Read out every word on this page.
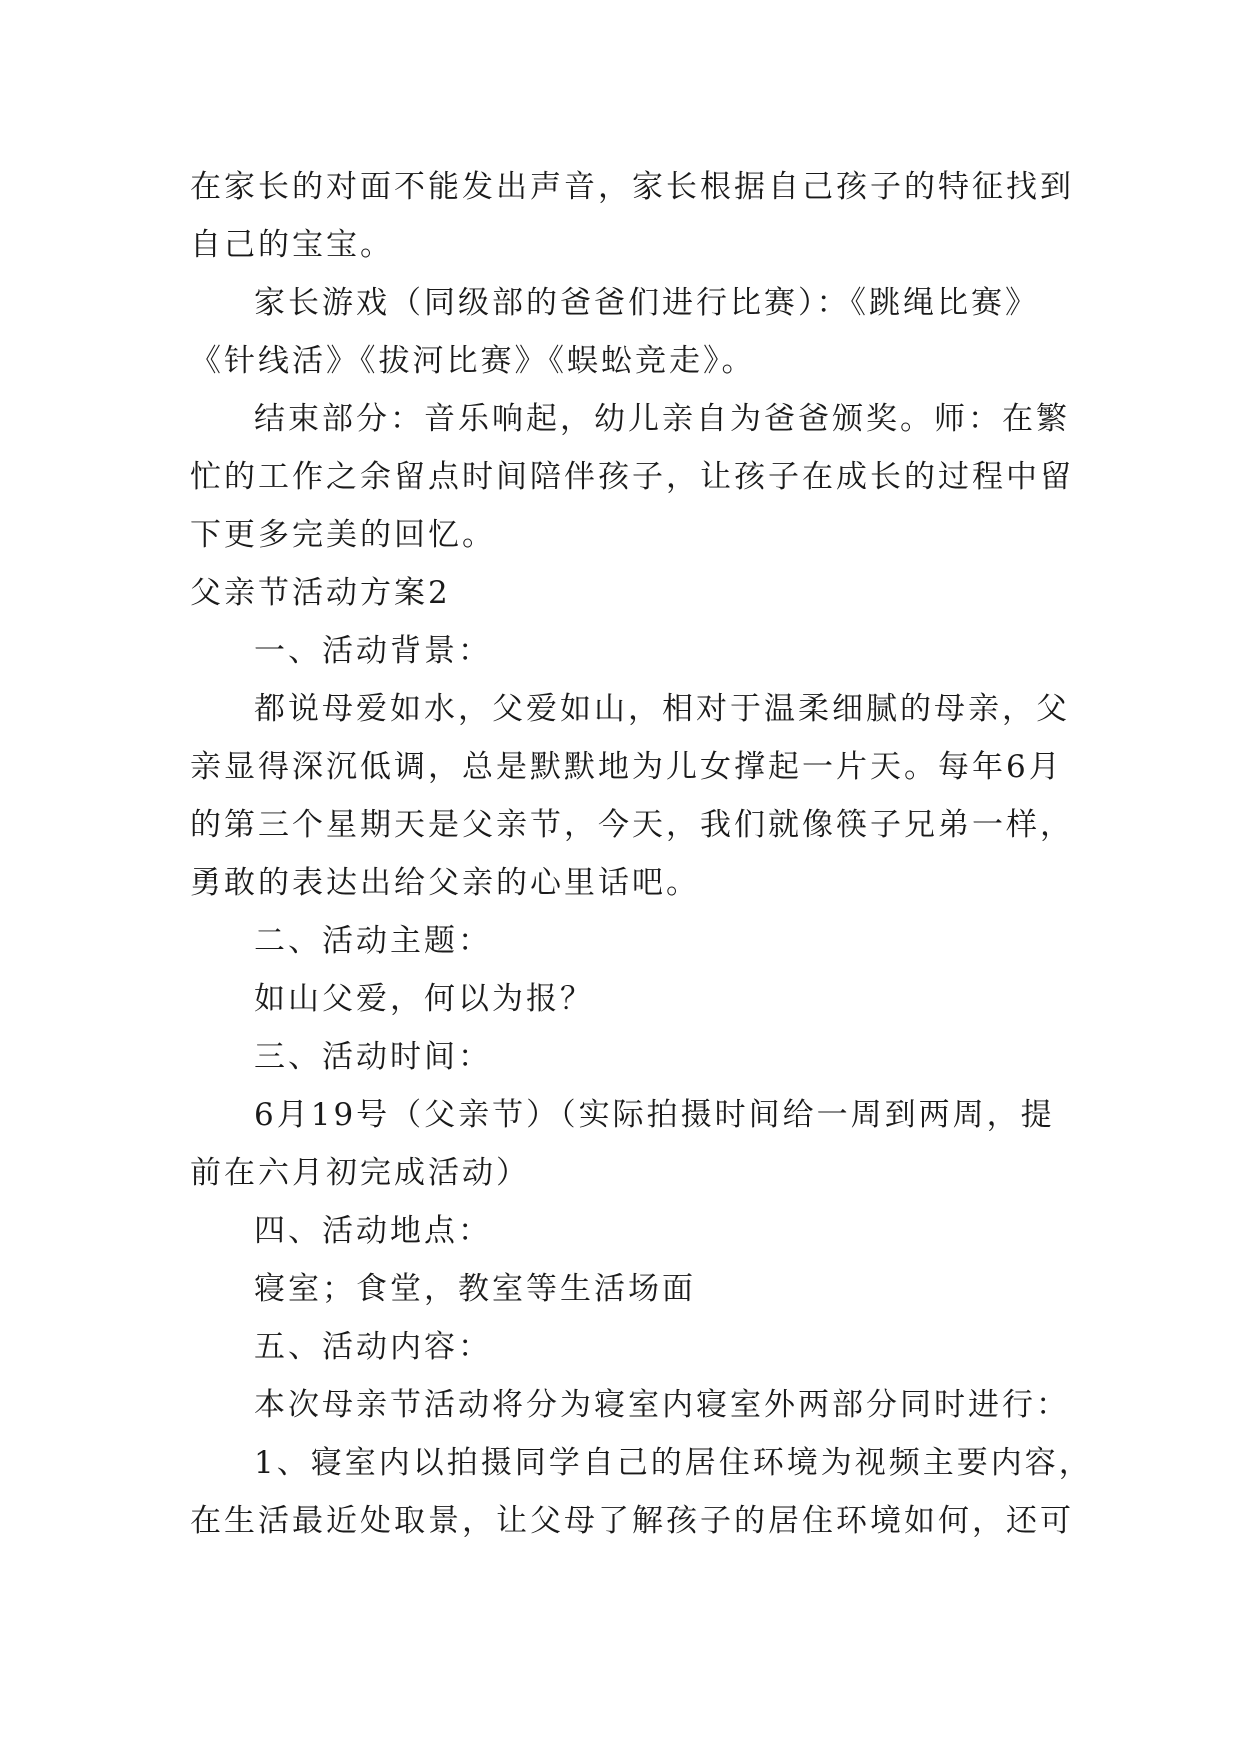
在家长的对面不能发出声音，家长根据自己孩子的特征找到
自己的宝宝。
家长游戏（同级部的爸爸们进行比赛）：《跳绳比赛》
《针线活》《拔河比赛》《蜈蚣竞走》。
结束部分：音乐响起，幼儿亲自为爸爸颁奖。师：在繁
忙的工作之余留点时间陪伴孩子，让孩子在成长的过程中留
下更多完美的回忆。
父亲节活动方案2
一、活动背景：
都说母爱如水，父爱如山，相对于温柔细腻的母亲，父
亲显得深沉低调，总是默默地为儿女撑起一片天。每年6月
的第三个星期天是父亲节，今天，我们就像筷子兄弟一样，
勇敢的表达出给父亲的心里话吧。
二、活动主题：
如山父爱，何以为报？
三、活动时间：
6月19号（父亲节）（实际拍摄时间给一周到两周，提
前在六月初完成活动）
四、活动地点：
寝室；食堂，教室等生活场面
五、活动内容：
本次母亲节活动将分为寝室内寝室外两部分同时进行：
1、寝室内以拍摄同学自己的居住环境为视频主要内容，
在生活最近处取景，让父母了解孩子的居住环境如何，还可
